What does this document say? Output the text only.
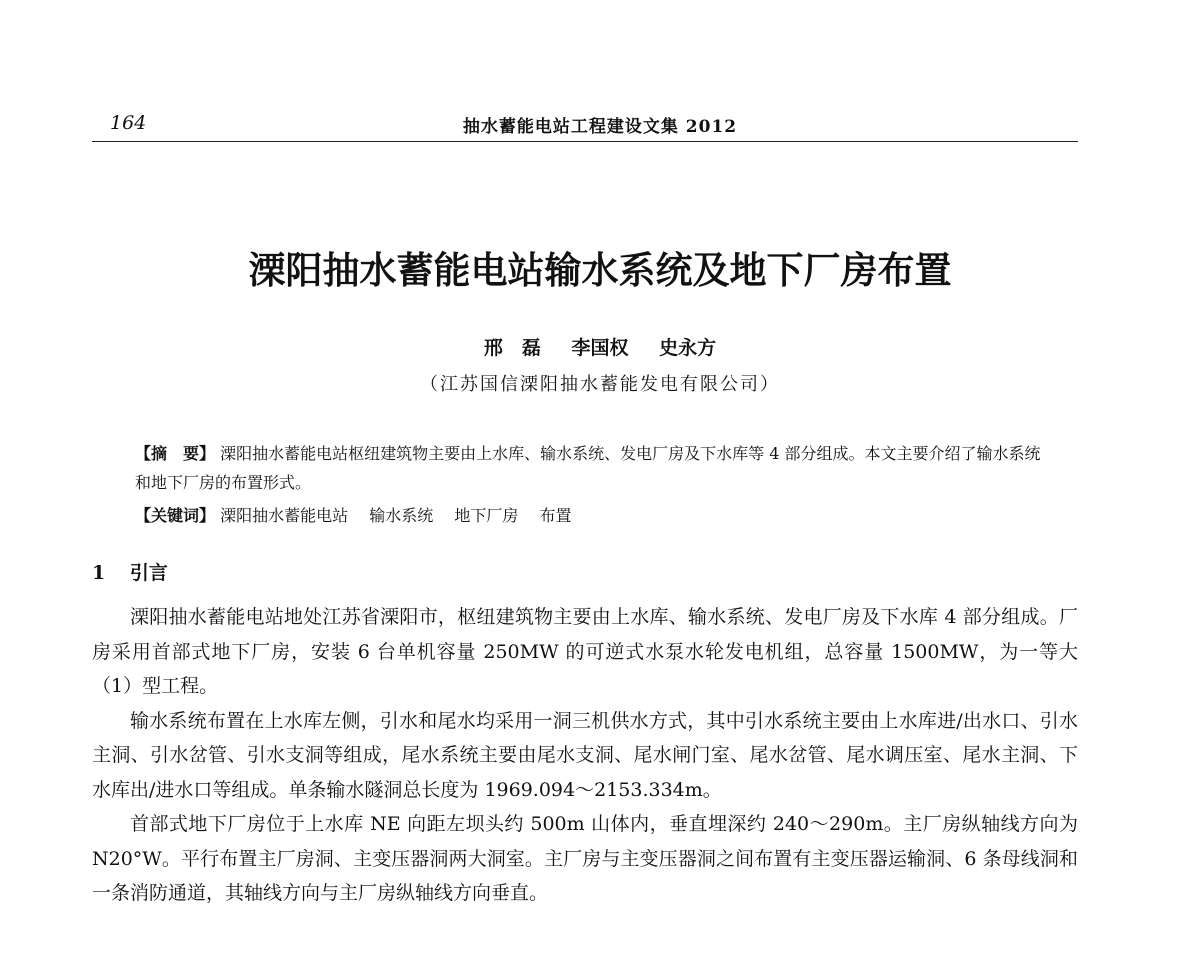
164	抽水蓄能电站工程建设文集 2012
溧阳抽水蓄能电站输水系统及地下厂房布置
邢　磊 李国权 史永方
（江苏国信溧阳抽水蓄能发电有限公司）
【摘　要】 溧阳抽水蓄能电站枢纽建筑物主要由上水库、输水系统、发电厂房及下水库等 4 部分组成。本文主要介绍了输水系统和地下厂房的布置形式。
【关键词】 溧阳抽水蓄能电站 输水系统 地下厂房 布置
1 引言

溧阳抽水蓄能电站地处江苏省溧阳市，枢纽建筑物主要由上水库、输水系统、发电厂房及下水库 4 部分组成。厂房采用首部式地下厂房，安装 6 台单机容量 250MW 的可逆式水泵水轮发电机组，总容量 1500MW，为一等大（1）型工程。

输水系统布置在上水库左侧，引水和尾水均采用一洞三机供水方式，其中引水系统主要由上水库进/出水口、引水主洞、引水岔管、引水支洞等组成，尾水系统主要由尾水支洞、尾水闸门室、尾水岔管、尾水调压室、尾水主洞、下水库出/进水口等组成。单条输水隧洞总长度为 1969.094～2153.334m。

首部式地下厂房位于上水库 NE 向距左坝头约 500m 山体内，垂直埋深约 240～290m。主厂房纵轴线方向为 N20°W。平行布置主厂房洞、主变压器洞两大洞室。主厂房与主变压器洞之间布置有主变压器运输洞、6 条母线洞和一条消防通道，其轴线方向与主厂房纵轴线方向垂直。
